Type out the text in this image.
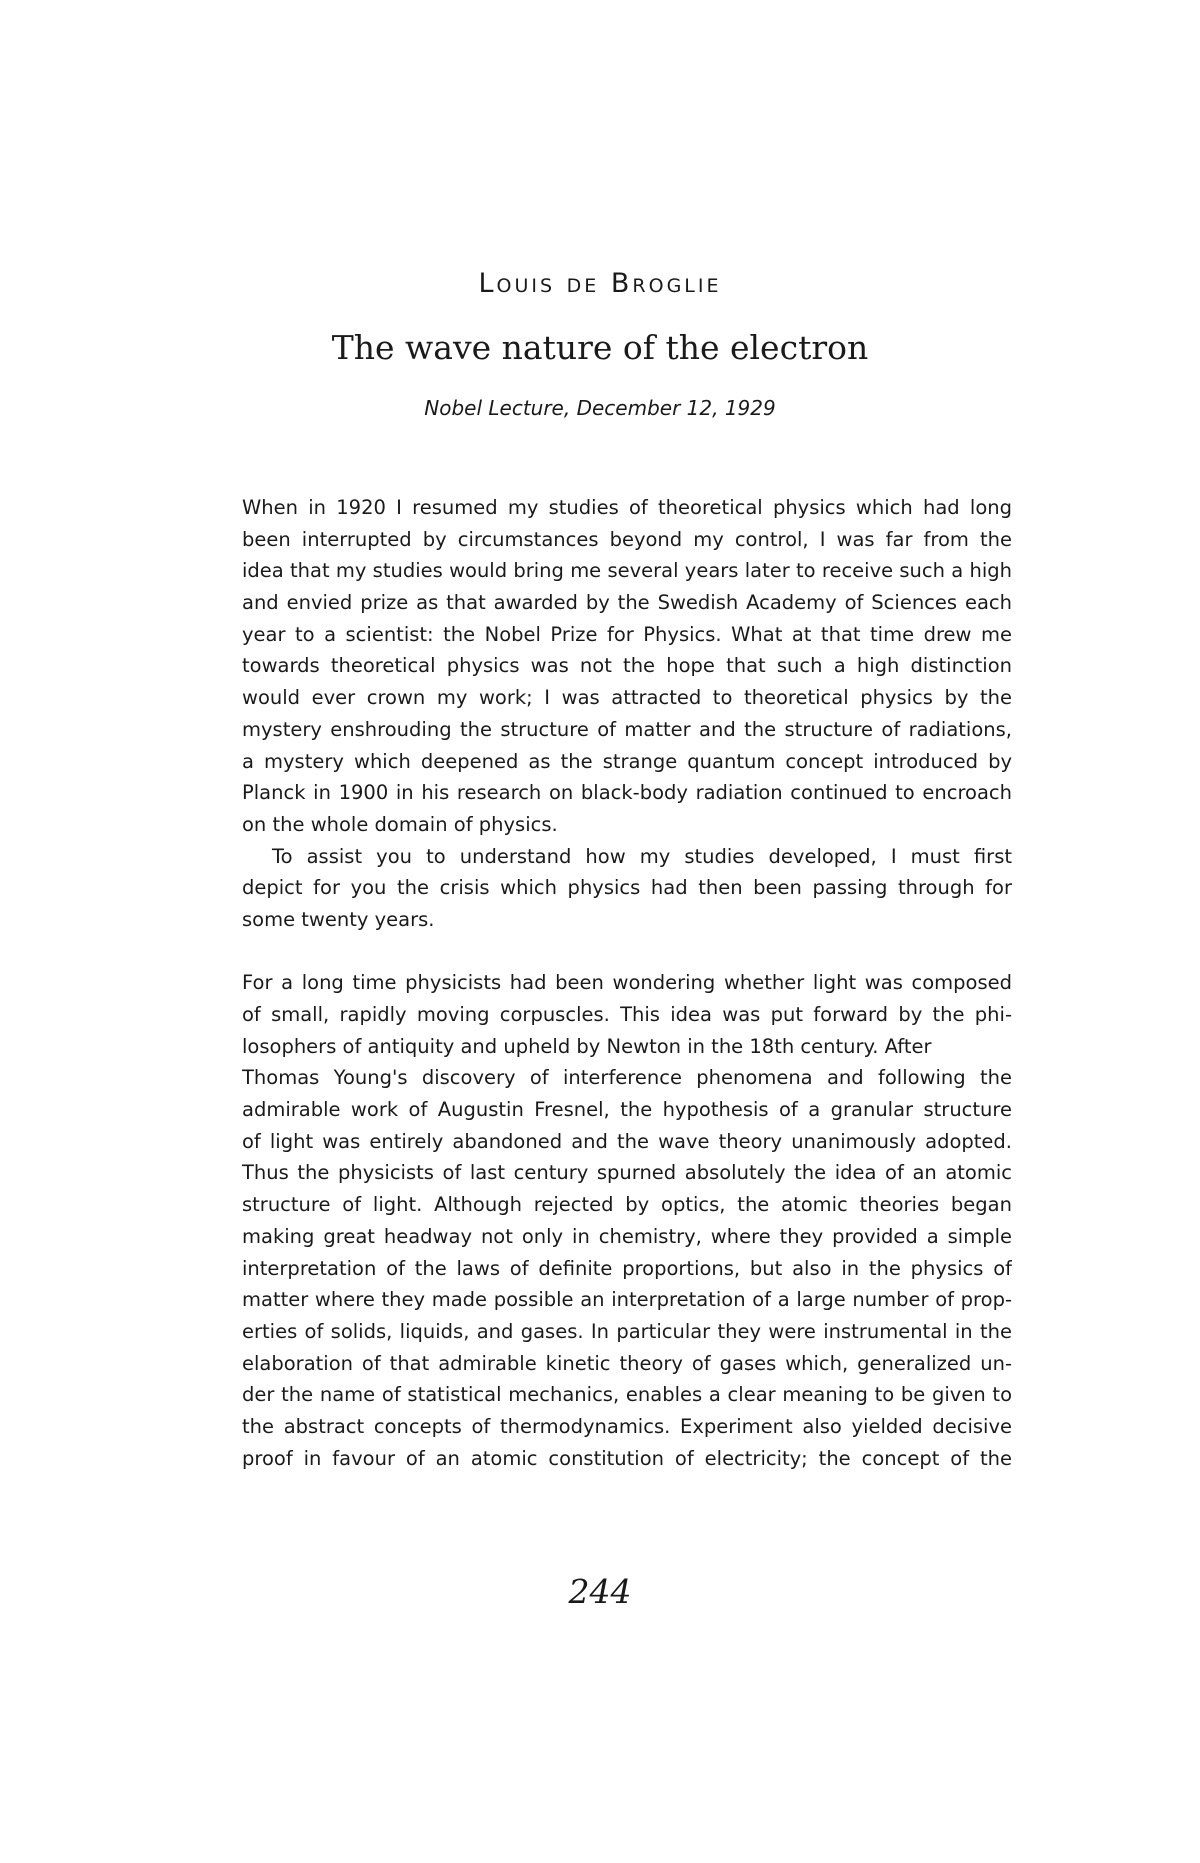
Louis de Broglie
The wave nature of the electron
Nobel Lecture, December 12, 1929
When in 1920 I resumed my studies of theoretical physics which had long
been interrupted by circumstances beyond my control, I was far from the
idea that my studies would bring me several years later to receive such a high
and envied prize as that awarded by the Swedish Academy of Sciences each
year to a scientist: the Nobel Prize for Physics. What at that time drew me
towards theoretical physics was not the hope that such a high distinction
would ever crown my work; I was attracted to theoretical physics by the
mystery enshrouding the structure of matter and the structure of radiations,
a mystery which deepened as the strange quantum concept introduced by
Planck in 1900 in his research on black-body radiation continued to encroach
on the whole domain of physics.
To assist you to understand how my studies developed, I must first
depict for you the crisis which physics had then been passing through for
some twenty years.
For a long time physicists had been wondering whether light was composed
of small, rapidly moving corpuscles. This idea was put forward by the phi-
losophers of antiquity and upheld by Newton in the 18th century. After
Thomas Young's discovery of interference phenomena and following the
admirable work of Augustin Fresnel, the hypothesis of a granular structure
of light was entirely abandoned and the wave theory unanimously adopted.
Thus the physicists of last century spurned absolutely the idea of an atomic
structure of light. Although rejected by optics, the atomic theories began
making great headway not only in chemistry, where they provided a simple
interpretation of the laws of definite proportions, but also in the physics of
matter where they made possible an interpretation of a large number of prop-
erties of solids, liquids, and gases. In particular they were instrumental in the
elaboration of that admirable kinetic theory of gases which, generalized un-
der the name of statistical mechanics, enables a clear meaning to be given to
the abstract concepts of thermodynamics. Experiment also yielded decisive
proof in favour of an atomic constitution of electricity; the concept of the
244
